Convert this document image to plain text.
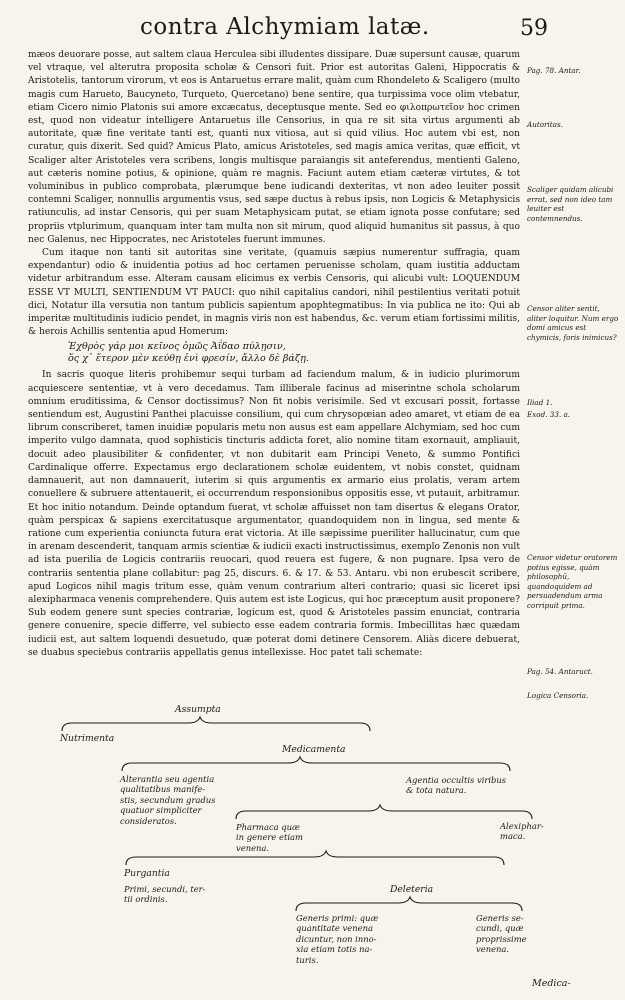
contra Alchymiam latæ.	59

mæos deuorare posse, aut saltem claua Herculea sibi illudentes dissipare. Duæ supersunt causæ, quarum vel vtraque, vel alterutra proposita scholæ & Censori fuit. Prior est autoritas Galeni, Hippocratis & Aristotelis, tantorum virorum, vt eos is Antaruetus errare malit, quàm cum Rhondeleto & Scaligero (multo magis cum Harueto, Baucyneto, Turqueto, Quercetano) bene sentire, qua turpissima voce olim vtebatur, etiam Cicero nimio Platonis sui amore excæcatus, deceptusque mente. Sed eo φιλοπρωτεῖον hoc crimen est, quod non videatur intelligere Antaruetus ille Censorius, in qua re sit sita virtus argumenti ab autoritate, quæ fine veritate tanti est, quanti nux vitiosa, aut si quid vilius. Hoc autem vbi est, non curatur, quis dixerit. Sed quid? Amicus Plato, amicus Aristoteles, sed magis amica veritas, quæ efficit, vt Scaliger alter Aristoteles vera scribens, longis multisque paraiangis sit anteferendus, mentienti Galeno, aut cæteris nomine potius, & opinione, quàm re magnis. Faciunt autem etiam cæteræ virtutes, & tot voluminibus in publico comprobata, plærumque bene iudicandi dexteritas, vt non adeo leuiter possit contemni Scaliger, nonnullis argumentis vsus, sed sæpe ductus à rebus ipsis, non Logicis & Metaphysicis ratiunculis, ad instar Censoris, qui per suam Metaphysicam putat, se etiam ignota posse confutare; sed propriis vtplurimum, quanquam inter tam multa non sit mirum, quod aliquid humanitus sit passus, à quo nec Galenus, nec Hippocrates, nec Aristoteles fuerunt immunes.

Cum itaque non tanti sit autoritas sine veritate, (quamuis sæpius numerentur suffragia, quam expendantur) odio & inuidentia potius ad hoc certamen peruenisse scholam, quam iustitia adductam videtur arbitrandum esse. Alteram causam elicimus ex verbis Censoris, qui alicubi vult: LOQUENDUM ESSE VT MULTI, SENTIENDUM VT PAUCI: quo nihil capitalius candori, nihil pestilentius veritati potuit dici, Notatur illa versutia non tantum publicis sapientum apophtegmatibus: In via publica ne ito: Qui ab imperitæ multitudinis iudicio pendet, in magnis viris non est habendus, &c. verum etiam fortissimi militis, & herois Achillis sententia apud Homerum:

Ἐχθρὸς γάρ μοι κεῖνος ὁμῶς Ἀΐδαο πύλῃσιν,
ὅς χ᾽ ἕτερον μὲν κεύθῃ ἐνὶ φρεσίν, ἄλλο δὲ βάζῃ.

In sacris quoque literis prohibemur sequi turbam ad faciendum malum, & in iudicio plurimorum acquiescere sententiæ, vt à vero decedamus. Tam illiberale facinus ad miserintne schola scholarum omnium eruditissima, & Censor doctissimus? Non fit nobis verisimile. Sed vt excusari possit, fortasse sentiendum est, Augustini Panthei placuisse consilium, qui cum chrysopœian adeo amaret, vt etiam de ea librum conscriberet, tamen inuidiæ popularis metu non ausus est eam appellare Alchymiam, sed hoc cum imperito vulgo damnata, quod sophisticis tincturis addicta foret, alio nomine titam exornauit, ampliauit, docuit adeo plausibiliter & confidenter, vt non dubitarit eam Principi Veneto, & summo Pontifici Cardinalique offerre. Expectamus ergo declarationem scholæ euidentem, vt nobis constet, quidnam damnauerit, aut non damnauerit, iuterim si quis argumentis ex armario eius prolatis, veram artem conuellere & subruere attentauerit, ei occurrendum responsionibus oppositis esse, vt putauit, arbitramur. Et hoc initio notandum. Deinde optandum fuerat, vt scholæ affuisset non tam disertus & elegans Orator, quàm perspicax & sapiens exercitatusque argumentator, quandoquidem non in lingua, sed mente & ratione cum experientia coniuncta futura erat victoria. At ille sæpissime pueriliter hallucinatur, cum que in arenam descenderit, tanquam armis scientiæ & iudicii exacti instructissimus, exemplo Zenonis non vult ad ista puerilia de Logicis contrariis reuocari, quod reuera est fugere, & non pugnare. Ipsa vero de contrariis sententia plane collabitur: pag 25, discurs. 6. & 17. & 53. Antaru. vbi non erubescit scribere, apud Logicos nihil magis tritum esse, quàm venum contrarium alteri contrario; quasi sic liceret ipsi alexipharmaca venenis comprehendere. Quis autem est iste Logicus, qui hoc præceptum ausit proponere? Sub eodem genere sunt species contrariæ, logicum est, quod & Aristoteles passim enunciat, contraria genere conuenire, specie differre, vel subiecto esse eadem contraria formis. Imbecillitas hæc quædam iudicii est, aut saltem loquendi desuetudo, quæ poterat domi detinere Censorem. Aliàs dicere debuerat, se duabus speciebus contrariis appellatis genus intellexisse. Hoc patet tali schemate:

Pag. 78. Antar.
Autoritas.
Scaliger quidam alicubi errat, sed non ideo tam leuiter est contemnendus.
Censor aliter sentit, aliter loquitur. Num ergo domi amicus est chymicis, foris inimicus?
Iliad 1.
Exod. 33. a.
Censor videtur oratorem potius egisse, quàm philosophū, quandoquidem ad persuadendum arma corripuit prima.
Pag. 54. Antaruct.
Logica Censoria.
Assumpta
Nutrimenta
Medicamenta
Alterantia seu agentia
qualitatibus manife-
stis, secundum gradus
quatuor simpliciter
consideratos.
Agentia occultis viribus
& tota natura.
Pharmaca quæ
in genere etiam
venena.
Alexiphar-
maca.
Purgantia
Primi, secundi, ter-
tii ordinis.
Deleteria
Generis primi: quæ
quantitate venena
dicuntur, non inno-
xia etiam totis na-
turis.
Generis se-
cundi, quæ
proprissime
venena.
Medica-
